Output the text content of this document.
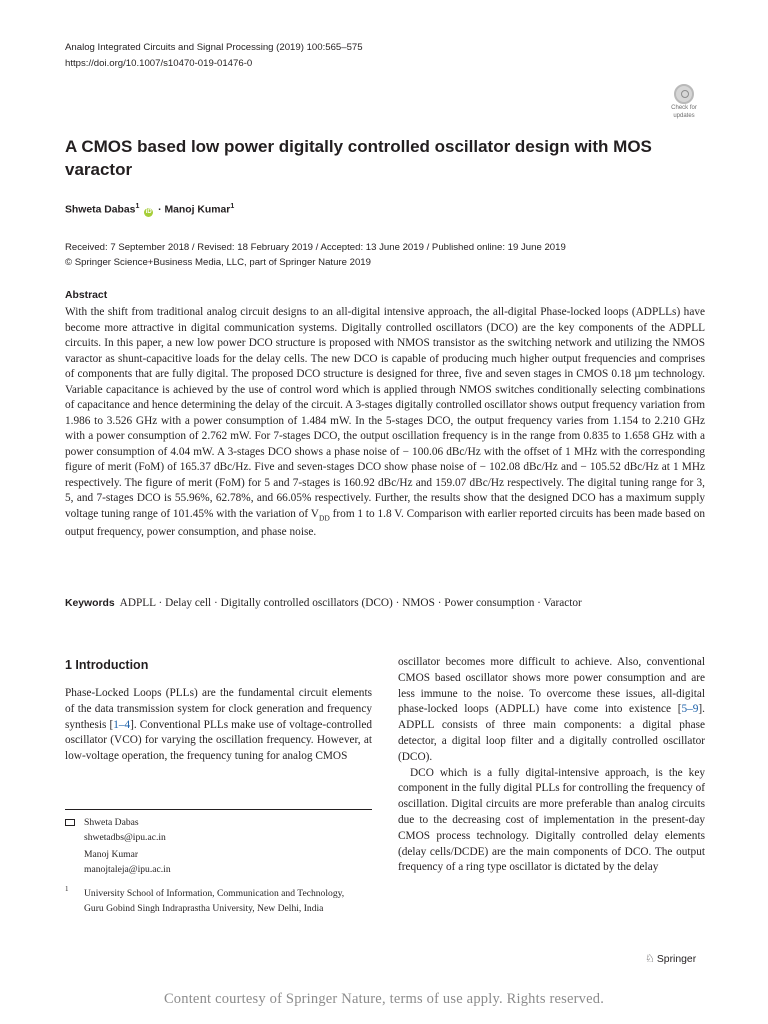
Analog Integrated Circuits and Signal Processing (2019) 100:565–575
https://doi.org/10.1007/s10470-019-01476-0
Check for
updates
A CMOS based low power digitally controlled oscillator design with MOS varactor
Shweta Dabas$^1$ iD · Manoj Kumar$^1$
Received: 7 September 2018 / Revised: 18 February 2019 / Accepted: 13 June 2019 / Published online: 19 June 2019
© Springer Science+Business Media, LLC, part of Springer Nature 2019
Abstract
With the shift from traditional analog circuit designs to an all-digital intensive approach, the all-digital Phase-locked loops (ADPLLs) have become more attractive in digital communication systems. Digitally controlled oscillators (DCO) are the key components of the ADPLL circuits. In this paper, a new low power DCO structure is proposed with NMOS transistor as the switching network and utilizing the NMOS varactor as shunt-capacitive loads for the delay cells. The new DCO is capable of producing much higher output frequencies and comprises of components that are fully digital. The proposed DCO structure is designed for three, five and seven stages in CMOS 0.18 µm technology. Variable capacitance is achieved by the use of control word which is applied through NMOS switches conditionally selecting combinations of capacitance and hence determining the delay of the circuit. A 3-stages digitally controlled oscillator shows output frequency variation from 1.986 to 3.526 GHz with a power consumption of 1.484 mW. In the 5-stages DCO, the output frequency varies from 1.154 to 2.210 GHz with a power consumption of 2.762 mW. For 7-stages DCO, the output oscillation frequency is in the range from 0.835 to 1.658 GHz with a power consumption of 4.04 mW. A 3-stages DCO shows a phase noise of − 100.06 dBc/Hz with the offset of 1 MHz with the corresponding figure of merit (FoM) of 165.37 dBc/Hz. Five and seven-stages DCO show phase noise of − 102.08 dBc/Hz and − 105.52 dBc/Hz at 1 MHz respectively. The figure of merit (FoM) for 5 and 7-stages is 160.92 dBc/Hz and 159.07 dBc/Hz respectively. The digital tuning range for 3, 5, and 7-stages DCO is 55.96%, 62.78%, and 66.05% respectively. Further, the results show that the designed DCO has a maximum supply voltage tuning range of 101.45% with the variation of $V_{DD}$ from 1 to 1.8 V. Comparison with earlier reported circuits has been made based on output frequency, power consumption, and phase noise.
Keywords ADPLL · Delay cell · Digitally controlled oscillators (DCO) · NMOS · Power consumption · Varactor
1 Introduction

Phase-Locked Loops (PLLs) are the fundamental circuit elements of the data transmission system for clock generation and frequency synthesis [1–4]. Conventional PLLs make use of voltage-controlled oscillator (VCO) for varying the oscillation frequency. However, at low-voltage operation, the frequency tuning for analog CMOS

Shweta Dabas
shwetadbs@ipu.ac.in
Manoj Kumar
manojtaleja@ipu.ac.in
1 University School of Information, Communication and Technology, Guru Gobind Singh Indraprastha University, New Delhi, India

oscillator becomes more difficult to achieve. Also, conventional CMOS based oscillator shows more power consumption and are less immune to the noise. To overcome these issues, all-digital phase-locked loops (ADPLL) have come into existence [5–9]. ADPLL consists of three main components: a digital phase detector, a digital loop filter and a digitally controlled oscillator (DCO).

DCO which is a fully digital-intensive approach, is the key component in the fully digital PLLs for controlling the frequency of oscillation. Digital circuits are more preferable than analog circuits due to the decreasing cost of implementation in the present-day CMOS process technology. Digitally controlled delay elements (delay cells/DCDE) are the main components of DCO. The output frequency of a ring type oscillator is dictated by the delay

♘ Springer
Content courtesy of Springer Nature, terms of use apply. Rights reserved.
